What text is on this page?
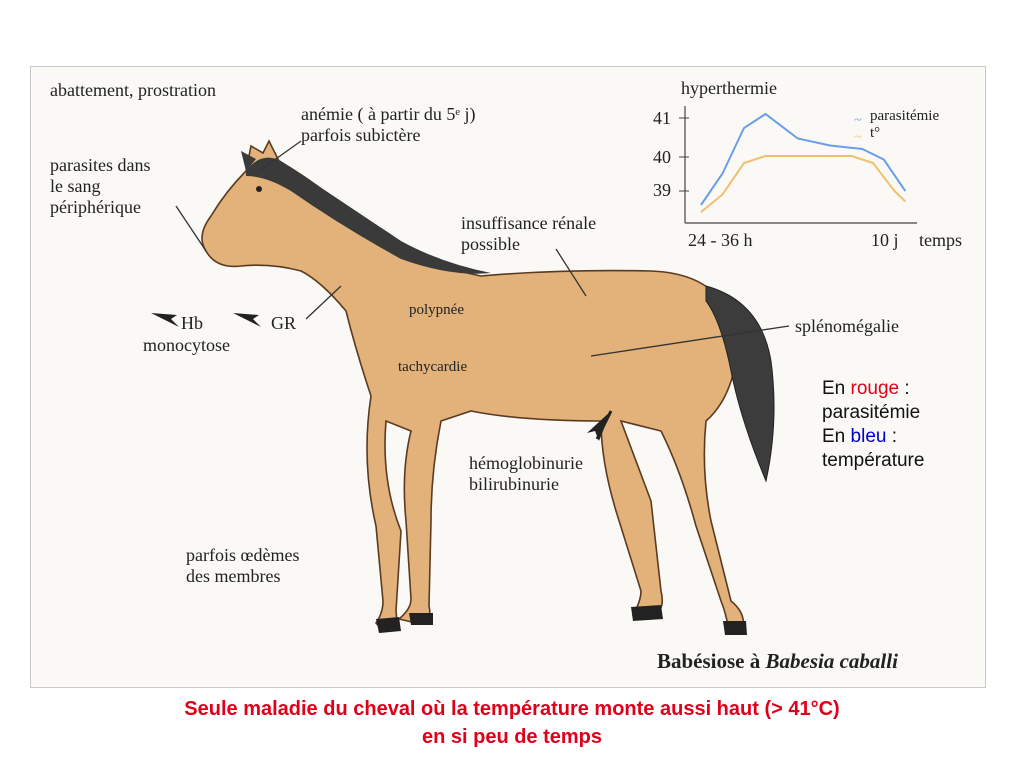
~
~
abattement, prostration
anémie ( à partir du 5ᵉ j)
parfois subictère
parasites dans
le sang
périphérique
insuffisance rénale
possible
Hb	GR
monocytose
polypnée
tachycardie
splénomégalie
hémoglobinurie
bilirubinurie
parfois œdèmes
des membres
hyperthermie
41
40
39
24 - 36 h	10 j temps
parasitémie
t°
Babésiose à Babesia caballi
En rouge :
parasitémie
En bleu :
température
Seule maladie du cheval où la température monte aussi haut (> 41°C)
en si peu de temps
